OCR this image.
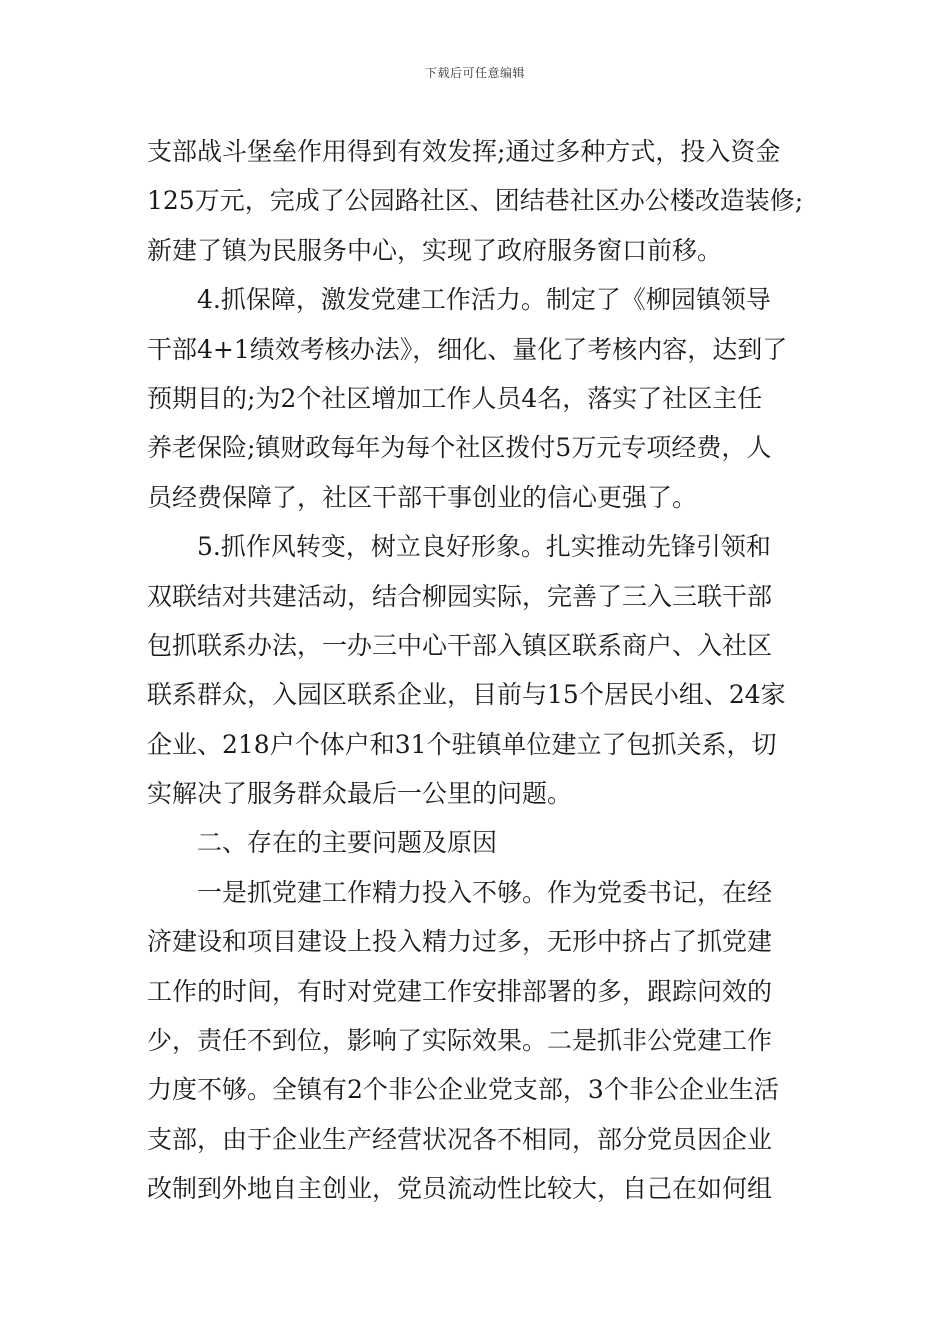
下载后可任意编辑
支部战斗堡垒作用得到有效发挥;通过多种方式，投入资金
125万元，完成了公园路社区、团结巷社区办公楼改造装修;
新建了镇为民服务中心，实现了政府服务窗口前移。
4.抓保障，激发党建工作活力。制定了《柳园镇领导
干部4+1绩效考核办法》，细化、量化了考核内容，达到了
预期目的;为2个社区增加工作人员4名，落实了社区主任
养老保险;镇财政每年为每个社区拨付5万元专项经费，人
员经费保障了，社区干部干事创业的信心更强了。
5.抓作风转变，树立良好形象。扎实推动先锋引领和
双联结对共建活动，结合柳园实际，完善了三入三联干部
包抓联系办法，一办三中心干部入镇区联系商户、入社区
联系群众，入园区联系企业，目前与15个居民小组、24家
企业、218户个体户和31个驻镇单位建立了包抓关系，切
实解决了服务群众最后一公里的问题。
二、存在的主要问题及原因
一是抓党建工作精力投入不够。作为党委书记，在经
济建设和项目建设上投入精力过多，无形中挤占了抓党建
工作的时间，有时对党建工作安排部署的多，跟踪问效的
少，责任不到位，影响了实际效果。二是抓非公党建工作
力度不够。全镇有2个非公企业党支部，3个非公企业生活
支部，由于企业生产经营状况各不相同，部分党员因企业
改制到外地自主创业，党员流动性比较大，自己在如何组
